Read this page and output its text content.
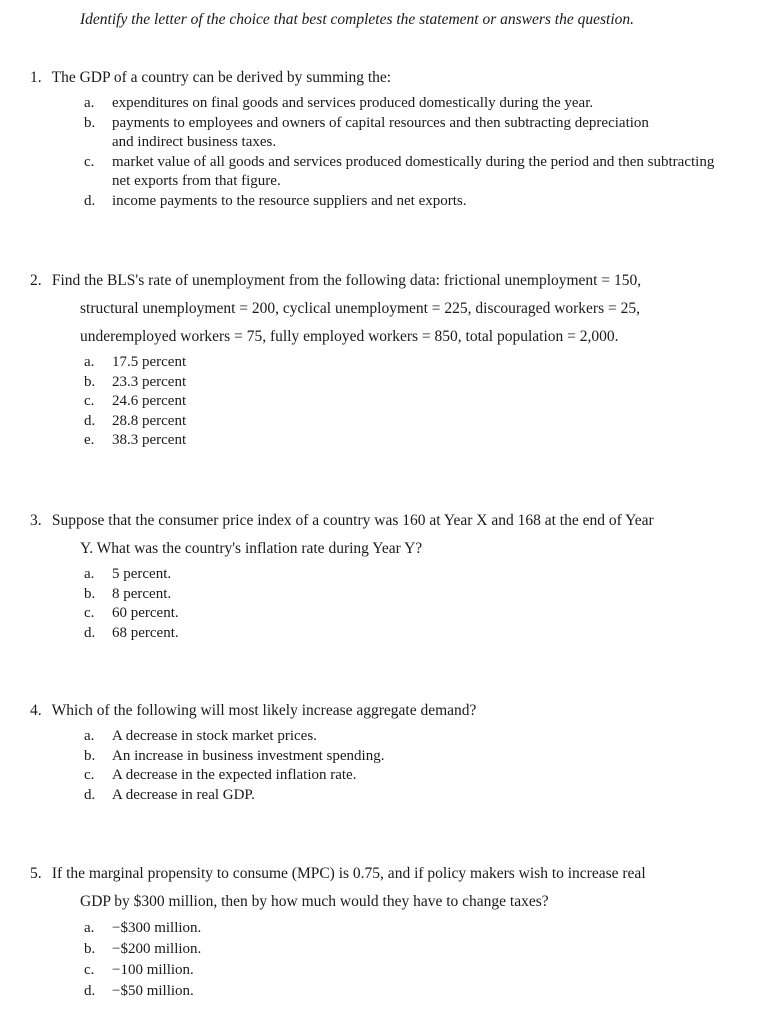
Identify the letter of the choice that best completes the statement or answers the question.

1. The GDP of a country can be derived by summing the:

a. expenditures on final goods and services produced domestically during the year.
b. payments to employees and owners of capital resources and then subtracting depreciation and indirect business taxes.
c. market value of all goods and services produced domestically during the period and then subtracting net exports from that figure.
d. income payments to the resource suppliers and net exports.

2. Find the BLS's rate of unemployment from the following data: frictional unemployment = 150,
structural unemployment = 200, cyclical unemployment = 225, discouraged workers = 25,
underemployed workers = 75, fully employed workers = 850, total population = 2,000.

a. 17.5 percent
b. 23.3 percent
c. 24.6 percent
d. 28.8 percent
e. 38.3 percent

3. Suppose that the consumer price index of a country was 160 at Year X and 168 at the end of Year
Y. What was the country's inflation rate during Year Y?

a. 5 percent.
b. 8 percent.
c. 60 percent.
d. 68 percent.

4. Which of the following will most likely increase aggregate demand?

a. A decrease in stock market prices.
b. An increase in business investment spending.
c. A decrease in the expected inflation rate.
d. A decrease in real GDP.

5. If the marginal propensity to consume (MPC) is 0.75, and if policy makers wish to increase real
GDP by $300 million, then by how much would they have to change taxes?

a. −$300 million.
b. −$200 million.
c. −100 million.
d. −$50 million.
